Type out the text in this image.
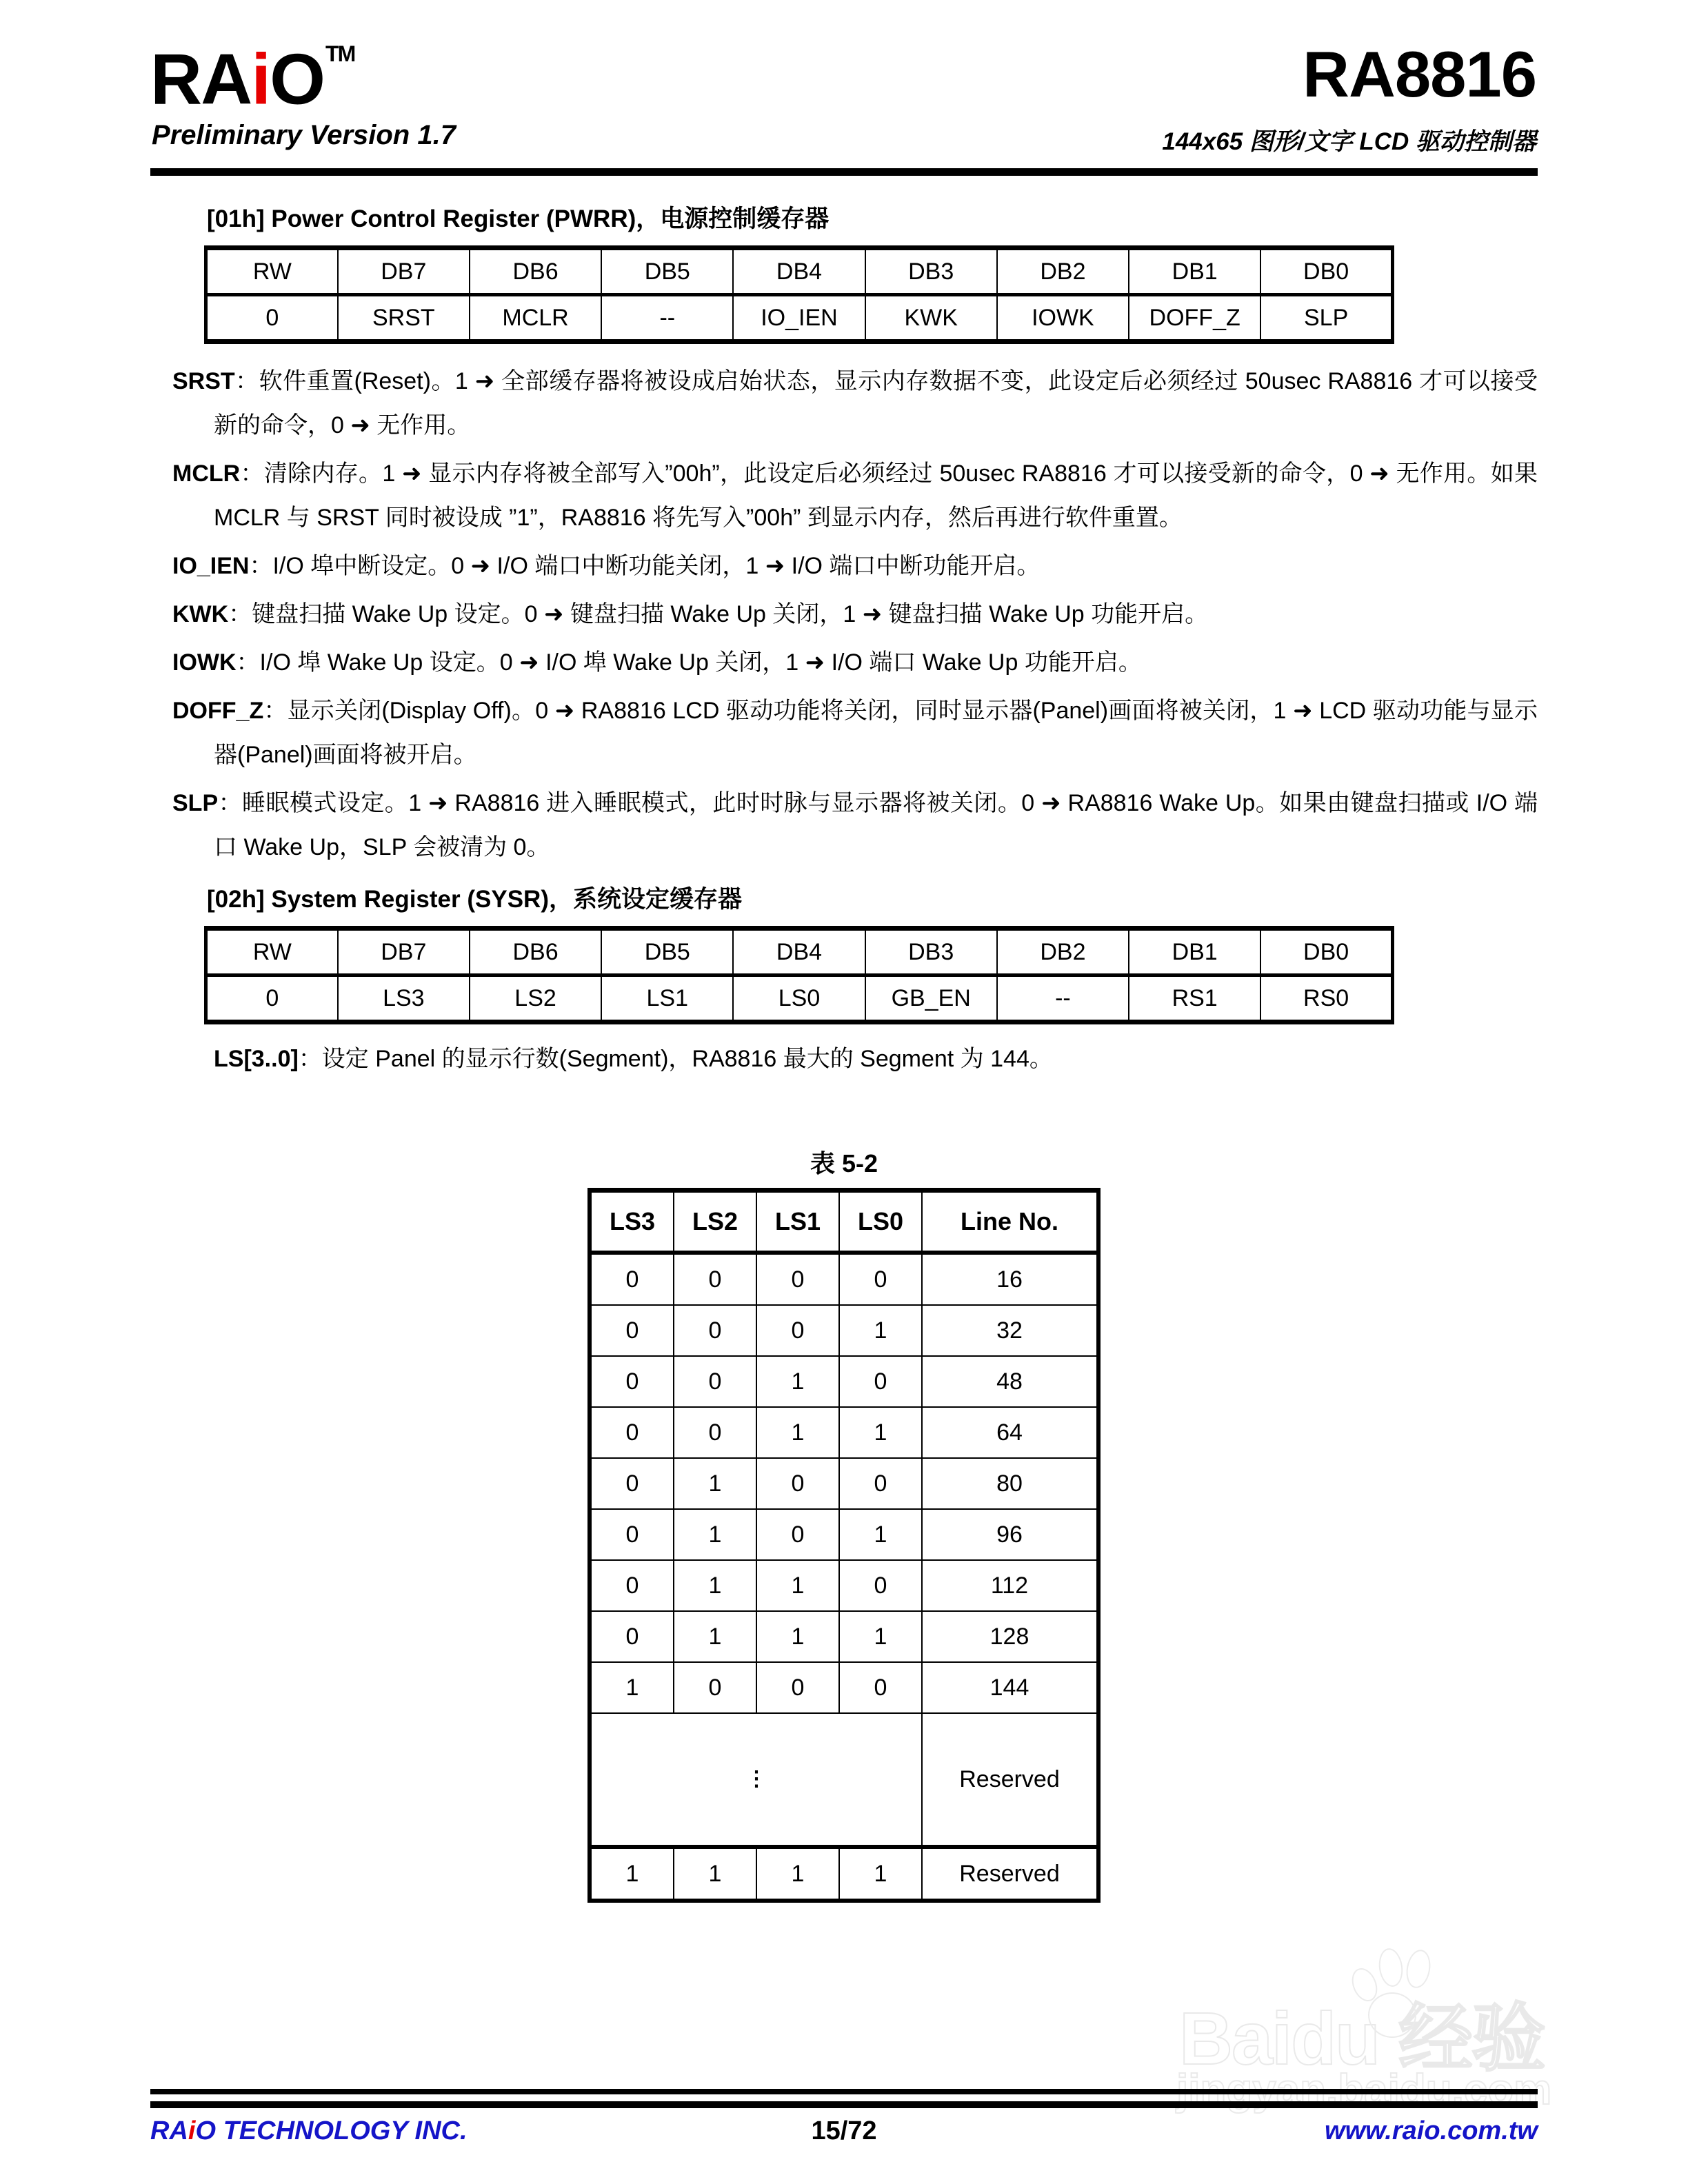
RAiO™	RA8816
Preliminary Version 1.7	144x65 图形/文字 LCD 驱动控制器
[01h] Power Control Register (PWRR)，电源控制缓存器
RW	DB7	DB6	DB5	DB4	DB3	DB2	DB1	DB0
0	SRST	MCLR	--	IO_IEN	KWK	IOWK	DOFF_Z	SLP

SRST：软件重置(Reset)。1 ➜ 全部缓存器将被设成启始状态，显示内存数据不变，此设定后必须经过 50usec RA8816 才可以接受新的命令，0 ➜ 无作用。

MCLR：清除内存。1 ➜ 显示内存将被全部写入”00h”，此设定后必须经过 50usec RA8816 才可以接受新的命令，0 ➜ 无作用。如果 MCLR 与 SRST 同时被设成 ”1”，RA8816 将先写入”00h” 到显示内存，然后再进行软件重置。

IO_IEN：I/O 埠中断设定。0 ➜ I/O 端口中断功能关闭，1 ➜ I/O 端口中断功能开启。

KWK：键盘扫描 Wake Up 设定。0 ➜ 键盘扫描 Wake Up 关闭，1 ➜ 键盘扫描 Wake Up 功能开启。

IOWK：I/O 埠 Wake Up 设定。0 ➜ I/O 埠 Wake Up 关闭，1 ➜ I/O 端口 Wake Up 功能开启。

DOFF_Z：显示关闭(Display Off)。0 ➜ RA8816 LCD 驱动功能将关闭，同时显示器(Panel)画面将被关闭，1 ➜ LCD 驱动功能与显示器(Panel)画面将被开启。

SLP：睡眠模式设定。1 ➜ RA8816 进入睡眠模式，此时时脉与显示器将被关闭。0 ➜ RA8816 Wake Up。如果由键盘扫描或 I/O 端口 Wake Up，SLP 会被清为 0。

[02h] System Register (SYSR)，系统设定缓存器
RW	DB7	DB6	DB5	DB4	DB3	DB2	DB1	DB0
0	LS3	LS2	LS1	LS0	GB_EN	--	RS1	RS0
LS[3..0]：设定 Panel 的显示行数(Segment)，RA8816 最大的 Segment 为 144。
表 5-2
LS3	LS2	LS1	LS0	Line No.
0	0	0	0	16
0	0	0	1	32
0	0	1	0	48
0	0	1	1	64
0	1	0	0	80
0	1	0	1	96
0	1	1	0	112
0	1	1	1	128
1	0	0	0	144

⋮				Reserved
1	1	1	1	Reserved
Baidu 经验
jingyan.baidu.com
RAiO TECHNOLOGY INC.	15/72	www.raio.com.tw
